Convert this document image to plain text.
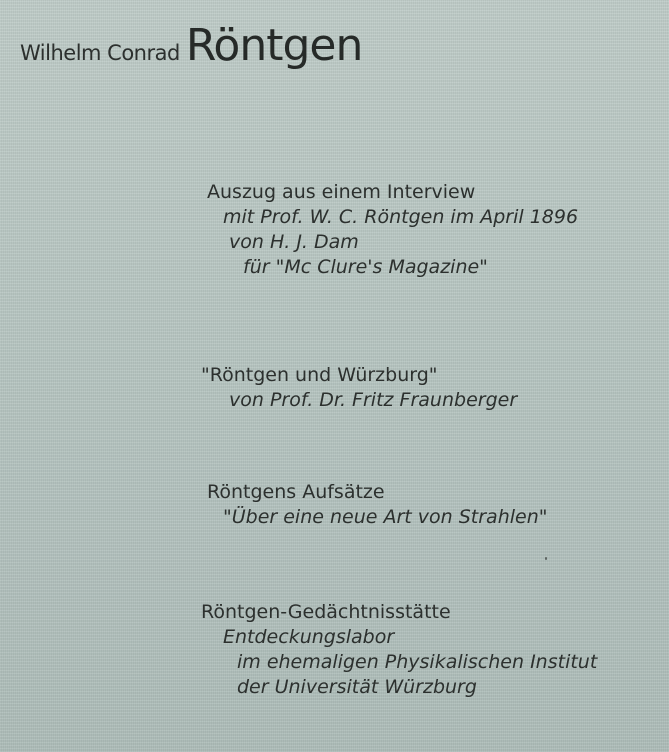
Wilhelm Conrad Röntgen
Auszug aus einem Interview
mit Prof. W. C. Röntgen im April 1896
von H. J. Dam
für "Mc Clure's Magazine"
"Röntgen und Würzburg"
von Prof. Dr. Fritz Fraunberger
Röntgens Aufsätze
"Über eine neue Art von Strahlen"
Röntgen-Gedächtnisstätte
Entdeckungslabor
im ehemaligen Physikalischen Institut
der Universität Würzburg
